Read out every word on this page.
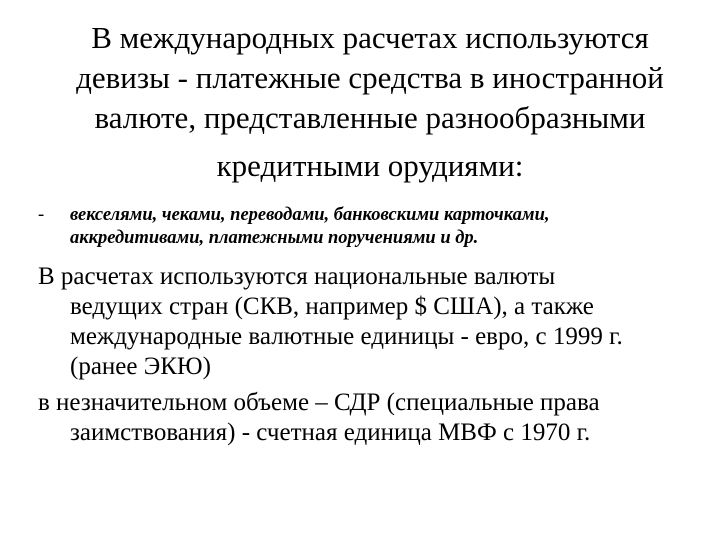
В международных расчетах используются
девизы - платежные средства в иностранной
валюте, представленные разнообразными
кредитными орудиями:
- векселями, чеками, переводами, банковскими карточками,
аккредитивами, платежными поручениями и др.
В расчетах используются национальные валюты
ведущих стран (СКВ, например $ США), а также
международные валютные единицы - евро, с 1999 г.
(ранее ЭКЮ)
в незначительном объеме – СДР (специальные права
заимствования) - счетная единица МВФ с 1970 г.
